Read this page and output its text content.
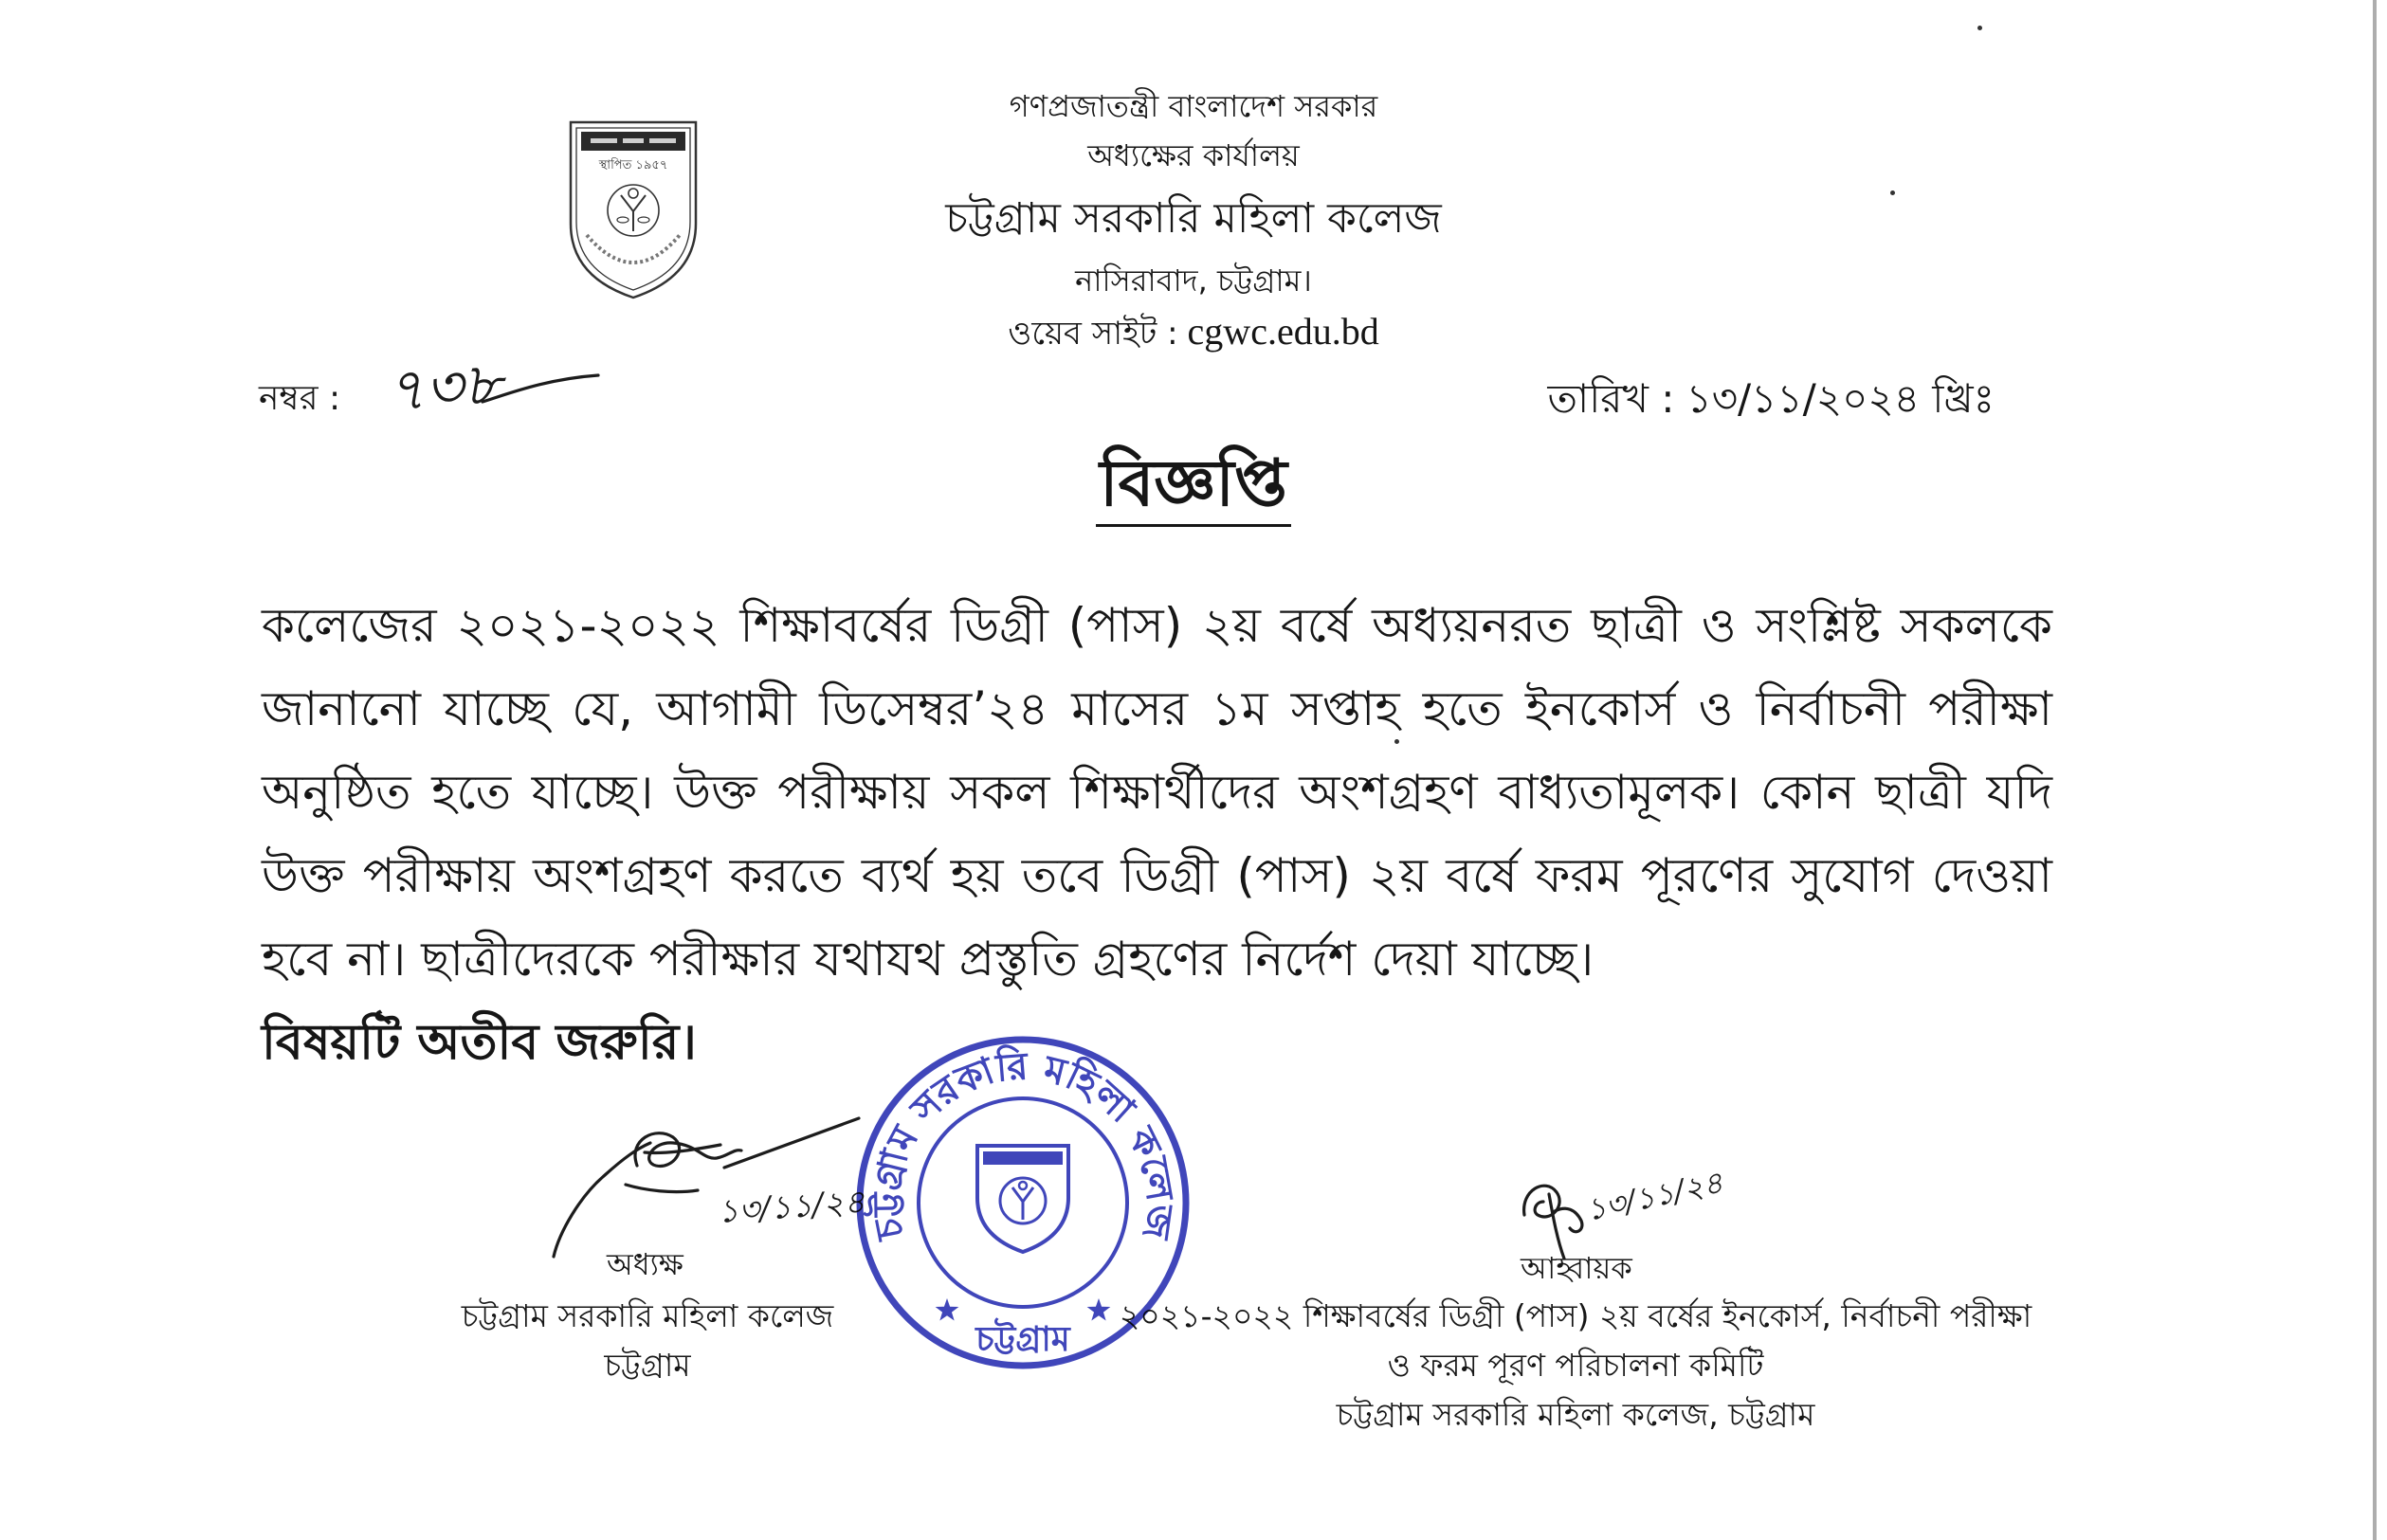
স্থাপিত ১৯৫৭
গণপ্রজাতন্ত্রী বাংলাদেশ সরকার
অধ্যক্ষের কার্যালয়
চট্টগ্রাম সরকারি মহিলা কলেজ
নাসিরাবাদ, চট্টগ্রাম।
ওয়েব সাইট : cgwc.edu.bd
নম্বর : ৭৩৮	তারিখ : ১৩/১১/২০২৪ খ্রিঃ
বিজ্ঞপ্তি
কলেজের ২০২১-২০২২ শিক্ষাবর্ষের ডিগ্রী (পাস) ২য় বর্ষে অধ্যয়নরত ছাত্রী ও সংশ্লিষ্ট সকলকে
জানানো যাচ্ছে যে, আগামী ডিসেম্বর’২৪ মাসের ১ম সপ্তাহ হতে ইনকোর্স ও নির্বাচনী পরীক্ষা
অনুষ্ঠিত হতে যাচ্ছে। উক্ত পরীক্ষায় সকল শিক্ষার্থীদের অংশগ্রহণ বাধ্যতামূলক। কোন ছাত্রী যদি
উক্ত পরীক্ষায় অংশগ্রহণ করতে ব্যর্থ হয় তবে ডিগ্রী (পাস) ২য় বর্ষে ফরম পূরণের সুযোগ দেওয়া
হবে না। ছাত্রীদেরকে পরীক্ষার যথাযথ প্রস্তুতি গ্রহণের নির্দেশ দেয়া যাচ্ছে।
বিষয়টি অতীব জরুরি।
১৩/১১/২৪
অধ্যক্ষ
চট্টগ্রাম সরকারি মহিলা কলেজ
চট্টগ্রাম
১৩/১১/২৪
আহ্বায়ক
২০২১-২০২২ শিক্ষাবর্ষের ডিগ্রী (পাস) ২য় বর্ষের ইনকোর্স, নির্বাচনী পরীক্ষা
ও ফরম পূরণ পরিচালনা কমিটি
চট্টগ্রাম সরকারি মহিলা কলেজ, চট্টগ্রাম
চট্টগ্রাম সরকারি মহিলা কলেজ
চট্টগ্রাম
